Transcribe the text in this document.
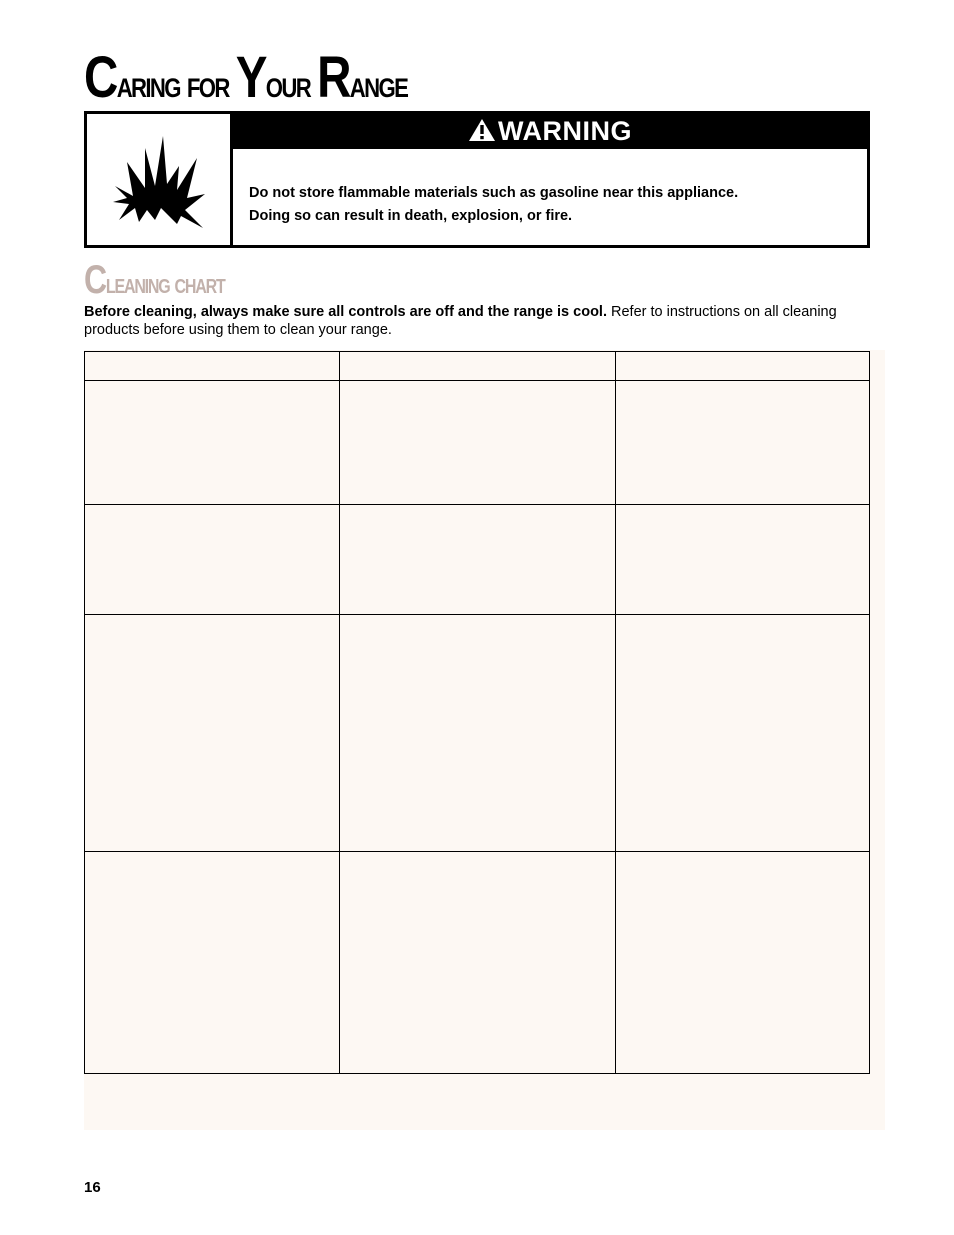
Caring for Your Range
WARNING
Do not store flammable materials such as gasoline near this appliance.
Doing so can result in death, explosion, or fire.
Cleaning chart
Before cleaning, always make sure all controls are off and the range is cool. Refer to instructions on all cleaning products before using them to clean your range.
16
